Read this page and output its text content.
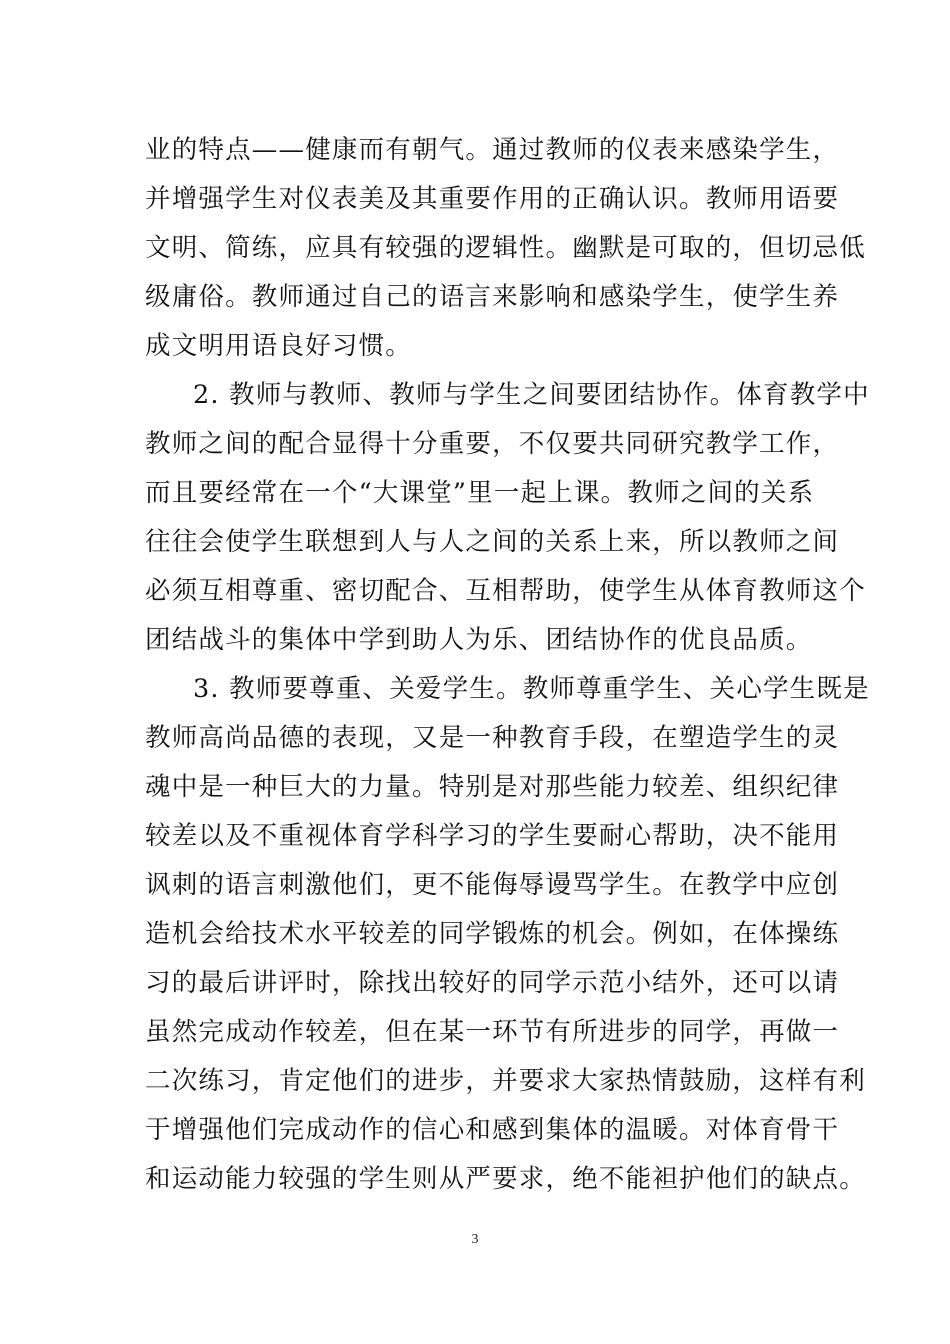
业的特点——健康而有朝气。通过教师的仪表来感染学生，
并增强学生对仪表美及其重要作用的正确认识。教师用语要
文明、简练，应具有较强的逻辑性。幽默是可取的，但切忌低
级庸俗。教师通过自己的语言来影响和感染学生，使学生养
成文明用语良好习惯。
2. 教师与教师、教师与学生之间要团结协作。体育教学中
教师之间的配合显得十分重要，不仅要共同研究教学工作，
而且要经常在一个“大课堂”里一起上课。教师之间的关系
往往会使学生联想到人与人之间的关系上来，所以教师之间
必须互相尊重、密切配合、互相帮助，使学生从体育教师这个
团结战斗的集体中学到助人为乐、团结协作的优良品质。
3. 教师要尊重、关爱学生。教师尊重学生、关心学生既是
教师高尚品德的表现，又是一种教育手段，在塑造学生的灵
魂中是一种巨大的力量。特别是对那些能力较差、组织纪律
较差以及不重视体育学科学习的学生要耐心帮助，决不能用
讽刺的语言刺激他们，更不能侮辱谩骂学生。在教学中应创
造机会给技术水平较差的同学锻炼的机会。例如，在体操练
习的最后讲评时，除找出较好的同学示范小结外，还可以请
虽然完成动作较差，但在某一环节有所进步的同学，再做一
二次练习，肯定他们的进步，并要求大家热情鼓励，这样有利
于增强他们完成动作的信心和感到集体的温暖。对体育骨干
和运动能力较强的学生则从严要求，绝不能袒护他们的缺点。
3
